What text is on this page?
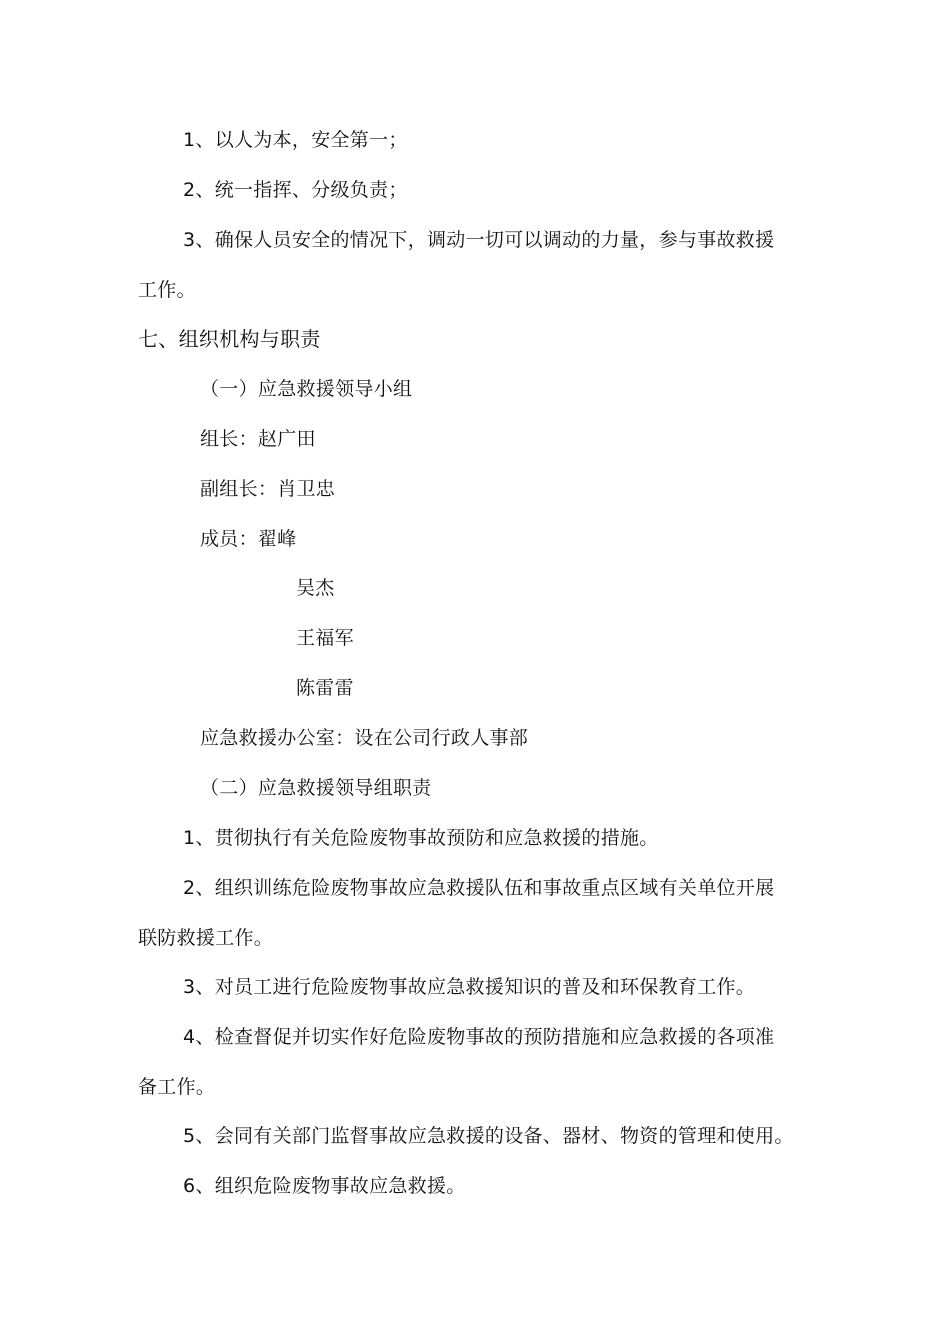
1、以人为本，安全第一；
2、统一指挥、分级负责；
3、确保人员安全的情况下，调动一切可以调动的力量，参与事故救援
工作。
七、组织机构与职责
（一）应急救援领导小组
组长：赵广田
副组长：肖卫忠
成员：翟峰
吴杰
王福军
陈雷雷
应急救援办公室：设在公司行政人事部
（二）应急救援领导组职责
1、贯彻执行有关危险废物事故预防和应急救援的措施。
2、组织训练危险废物事故应急救援队伍和事故重点区域有关单位开展
联防救援工作。
3、对员工进行危险废物事故应急救援知识的普及和环保教育工作。
4、检查督促并切实作好危险废物事故的预防措施和应急救援的各项准
备工作。
5、会同有关部门监督事故应急救援的设备、器材、物资的管理和使用。
6、组织危险废物事故应急救援。
